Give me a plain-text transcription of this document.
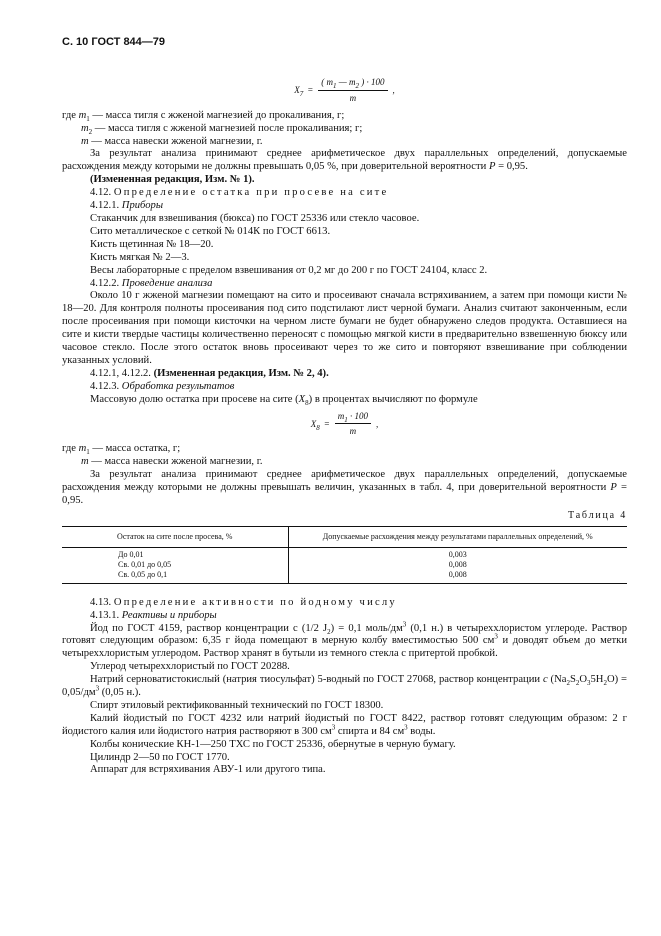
С. 10 ГОСТ 844—79
$X_7 = \frac{( m_1 — m_2 ) \cdot 100}{m}$ ,

где $m_1$ — масса тигля с жженой магнезией до прокаливания, г;

$m_2$ — масса тигля с жженой магнезией после прокаливания; г;

m — масса навески жженой магнезии, г.

За результат анализа принимают среднее арифметическое двух параллельных определений, допускаемые расхождения между которыми не должны превышать 0,05 %, при доверительной вероятности P = 0,95.

(Измененная редакция, Изм. № 1).

4.12. Определение остатка при просеве на сите

4.12.1. Приборы

Стаканчик для взвешивания (бюкса) по ГОСТ 25336 или стекло часовое.

Сито металлическое с сеткой № 014К по ГОСТ 6613.

Кисть щетинная № 18—20.

Кисть мягкая № 2—3.

Весы лабораторные с пределом взвешивания от 0,2 мг до 200 г по ГОСТ 24104, класс 2.

4.12.2. Проведение анализа

Около 10 г жженой магнезии помещают на сито и просеивают сначала встряхиванием, а затем при помощи кисти № 18—20. Для контроля полноты просеивания под сито подстилают лист черной бумаги. Анализ считают законченным, если после просеивания при помощи кисточки на черном листе бумаги не будет обнаружено следов продукта. Оставшиеся на сите и кисти твердые частицы количественно переносят с помощью мягкой кисти в предварительно взвешенную бюксу или часовое стекло. После этого остаток вновь просеивают через то же сито и повторяют взвешивание при соблюдении указанных условий.

4.12.1, 4.12.2. (Измененная редакция, Изм. № 2, 4).

4.12.3. Обработка результатов

Массовую долю остатка при просеве на сите $(X_8)$ в процентах вычисляют по формуле

$X_8 = \frac{m_1 \cdot 100}{m}$ ,

где $m_1$ — масса остатка, г;

m — масса навески жженой магнезии, г.

За результат анализа принимают среднее арифметическое двух параллельных определений, допускаемые расхождения между которыми не должны превышать величин, указанных в табл. 4, при доверительной вероятности P = 0,95.

Таблица 4
Остаток на сите после просева, %	Допускаемые расхождения между результатами параллельных определений, %
До 0,01	0,003
Св. 0,01 до 0,05	0,008
Св. 0,05 до 0,1	0,008

4.13. Определение активности по йодному числу

4.13.1. Реактивы и приборы

Йод по ГОСТ 4159, раствор концентрации с (1/2 $J_2) = 0,1$ моль/$дм^3$ (0,1 н.) в четыреххлористом углероде. Раствор готовят следующим образом: 6,35 г йода помещают в мерную колбу вместимостью 500 $см^3$ и доводят объем до метки четыреххлористым углеродом. Раствор хранят в бутыли из темного стекла с притертой пробкой.

Углерод четыреххлористый по ГОСТ 20288.

Натрий серноватистокислый (натрия тиосульфат) 5-водный по ГОСТ 27068, раствор концентрации с $(Na_2S_2O_35H_2O) = 0,05/дм^3$ (0,05 н.).

Спирт этиловый ректификованный технический по ГОСТ 18300.

Калий йодистый по ГОСТ 4232 или натрий йодистый по ГОСТ 8422, раствор готовят следующим образом: 2 г йодистого калия или йодистого натрия растворяют в 300 $см^3$ спирта и 84 $см^3$ воды.

Колбы конические КН-1—250 ТХС по ГОСТ 25336, обернутые в черную бумагу.

Цилиндр 2—50 по ГОСТ 1770.

Аппарат для встряхивания АВУ-1 или другого типа.
